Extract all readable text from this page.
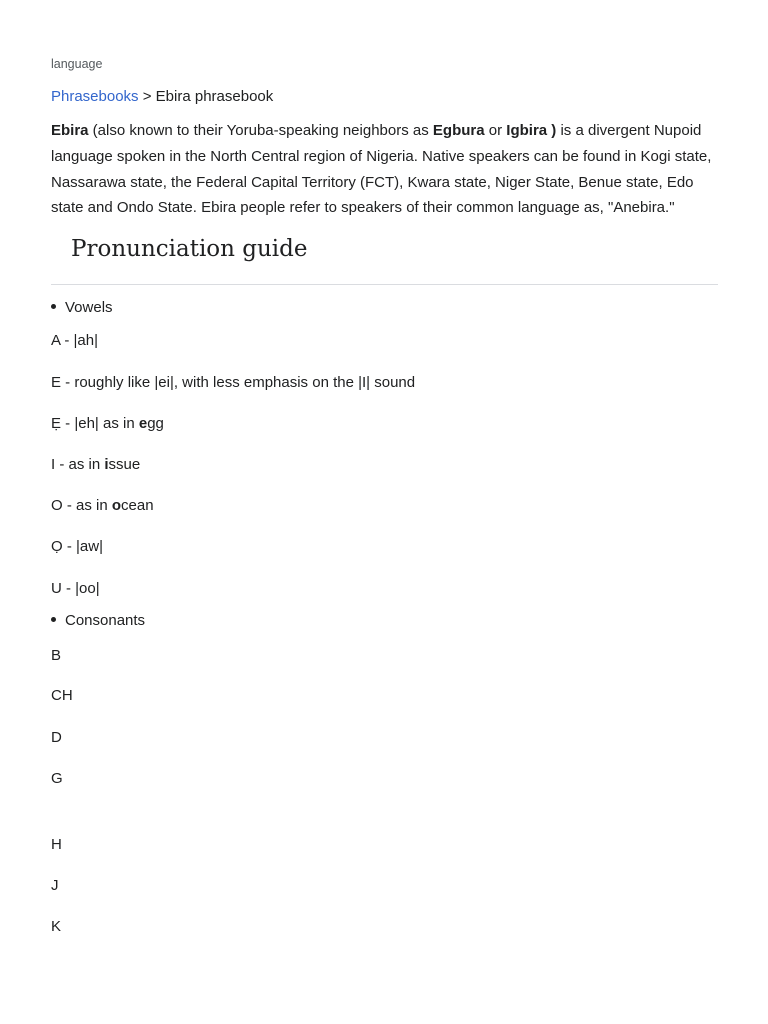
language
Phrasebooks > Ebira phrasebook

Ebira (also known to their Yoruba-speaking neighbors as Egbura or Igbira ) is a divergent Nupoid language spoken in the North Central region of Nigeria. Native speakers can be found in Kogi state, Nassarawa state, the Federal Capital Territory (FCT), Kwara state, Niger State, Benue state, Edo state and Ondo State. Ebira people refer to speakers of their common language as, "Anebira."

Pronunciation guide
Vowels
A - |ah|
E - roughly like |ei|, with less emphasis on the |I| sound
Ẹ - |eh| as in egg
I - as in issue
O - as in ocean
Ọ - |aw|
U - |oo|
Consonants
B
CH
D
G
H
J
K
